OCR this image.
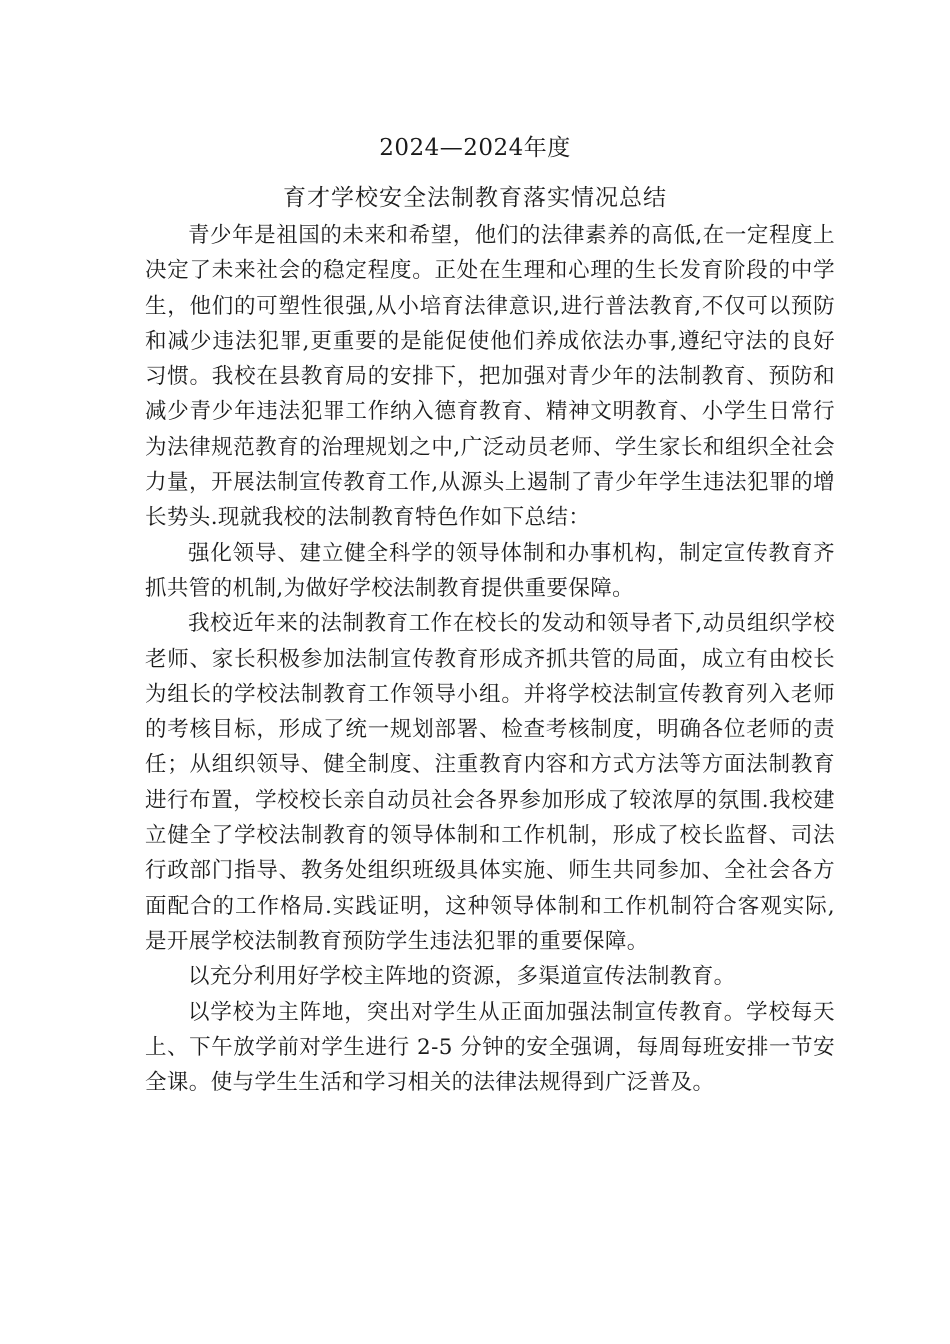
2024—2024年度
育才学校安全法制教育落实情况总结

青少年是祖国的未来和希望，他们的法律素养的高低,在一定程度上决定了未来社会的稳定程度。正处在生理和心理的生长发育阶段的中学生，他们的可塑性很强,从小培育法律意识,进行普法教育,不仅可以预防和减少违法犯罪,更重要的是能促使他们养成依法办事,遵纪守法的良好习惯。我校在县教育局的安排下，把加强对青少年的法制教育、预防和减少青少年违法犯罪工作纳入德育教育、精神文明教育、小学生日常行为法律规范教育的治理规划之中,广泛动员老师、学生家长和组织全社会力量，开展法制宣传教育工作,从源头上遏制了青少年学生违法犯罪的增长势头.现就我校的法制教育特色作如下总结：

强化领导、建立健全科学的领导体制和办事机构，制定宣传教育齐抓共管的机制,为做好学校法制教育提供重要保障。

我校近年来的法制教育工作在校长的发动和领导者下,动员组织学校老师、家长积极参加法制宣传教育形成齐抓共管的局面，成立有由校长为组长的学校法制教育工作领导小组。并将学校法制宣传教育列入老师的考核目标，形成了统一规划部署、检查考核制度，明确各位老师的责任；从组织领导、健全制度、注重教育内容和方式方法等方面法制教育进行布置，学校校长亲自动员社会各界参加形成了较浓厚的氛围.我校建立健全了学校法制教育的领导体制和工作机制，形成了校长监督、司法行政部门指导、教务处组织班级具体实施、师生共同参加、全社会各方面配合的工作格局.实践证明，这种领导体制和工作机制符合客观实际,是开展学校法制教育预防学生违法犯罪的重要保障。

以充分利用好学校主阵地的资源，多渠道宣传法制教育。

以学校为主阵地，突出对学生从正面加强法制宣传教育。学校每天上、下午放学前对学生进行 2-5 分钟的安全强调，每周每班安排一节安全课。使与学生生活和学习相关的法律法规得到广泛普及。
